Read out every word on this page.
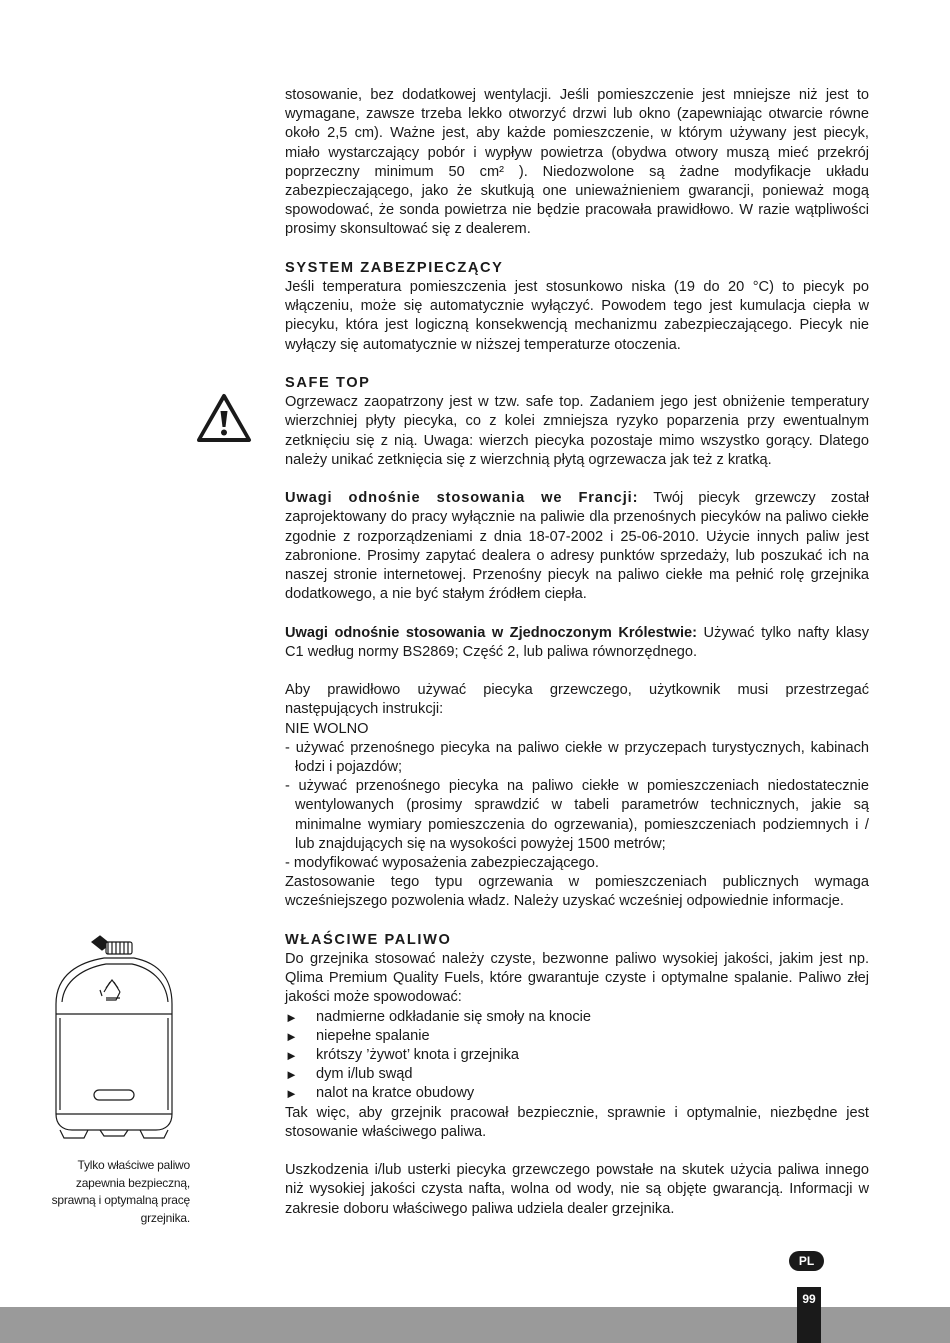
stosowanie, bez dodatkowej wentylacji. Jeśli pomieszczenie jest mniejsze niż jest to wymagane, zawsze trzeba lekko otworzyć drzwi lub okno (zapewniając otwarcie równe około 2,5 cm). Ważne jest, aby każde pomieszczenie, w którym używany jest piecyk, miało wystarczający pobór i wypływ powietrza (obydwa otwory muszą mieć przekrój poprzeczny minimum 50 cm² ). Niedozwolone są żadne modyfikacje układu zabezpieczającego, jako że skutkują one unieważnieniem gwarancji, ponieważ mogą spowodować, że sonda powietrza nie będzie pracowała prawidłowo. W razie wątpliwości prosimy skonsultować się z dealerem.

SYSTEM ZABEZPIECZĄCY

Jeśli temperatura pomieszczenia jest stosunkowo niska (19 do 20 °C) to piecyk po włączeniu, może się automatycznie wyłączyć. Powodem tego jest kumulacja ciepła w piecyku, która jest logiczną konsekwencją mechanizmu zabezpieczającego. Piecyk nie wyłączy się automatycznie w niższej temperaturze otoczenia.

SAFE TOP

Ogrzewacz zaopatrzony jest w tzw. safe top. Zadaniem jego jest obniżenie temperatury wierzchniej płyty piecyka, co z kolei zmniejsza ryzyko poparzenia przy ewentualnym zetknięciu się z nią. Uwaga: wierzch piecyka pozostaje mimo wszystko gorący. Dlatego należy unikać zetknięcia się z wierzchnią płytą ogrzewacza jak też z kratką.

Uwagi odnośnie stosowania we Francji: Twój piecyk grzewczy został zaprojektowany do pracy wyłącznie na paliwie dla przenośnych piecyków na paliwo ciekłe zgodnie z rozporządzeniami z dnia 18-07-2002 i 25-06-2010. Użycie innych paliw jest zabronione. Prosimy zapytać dealera o adresy punktów sprzedaży, lub poszukać ich na naszej stronie internetowej. Przenośny piecyk na paliwo ciekłe ma pełnić rolę grzejnika dodatkowego, a nie być stałym źródłem ciepła.

Uwagi odnośnie stosowania w Zjednoczonym Królestwie: Używać tylko nafty klasy C1 według normy BS2869; Część 2, lub paliwa równorzędnego.

Aby prawidłowo używać piecyka grzewczego, użytkownik musi przestrzegać następujących instrukcji:

NIE WOLNO

- używać przenośnego piecyka na paliwo ciekłe w przyczepach turystycznych, kabinach łodzi i pojazdów;

- używać przenośnego piecyka na paliwo ciekłe w pomieszczeniach niedostatecznie wentylowanych (prosimy sprawdzić w tabeli parametrów technicznych, jakie są minimalne wymiary pomieszczenia do ogrzewania), pomieszczeniach podziemnych i / lub znajdujących się na wysokości powyżej 1500 metrów;

- modyfikować wyposażenia zabezpieczającego.

Zastosowanie tego typu ogrzewania w pomieszczeniach publicznych wymaga wcześniejszego pozwolenia władz. Należy uzyskać wcześniej odpowiednie informacje.

WŁAŚCIWE PALIWO

Do grzejnika stosować należy czyste, bezwonne paliwo wysokiej jakości, jakim jest np. Qlima Premium Quality Fuels, które gwarantuje czyste i optymalne spalanie. Paliwo złej jakości może spowodować:

►	nadmierne odkładanie się smoły na knocie
►	niepełne spalanie
►	krótszy ’żywot’ knota i grzejnika
►	dym i/lub swąd
►	nalot na kratce obudowy

Tak więc, aby grzejnik pracował bezpiecznie, sprawnie i optymalnie, niezbędne jest stosowanie właściwego paliwa.

Uszkodzenia i/lub usterki piecyka grzewczego powstałe na skutek użycia paliwa innego niż wysokiej jakości czysta nafta, wolna od wody, nie są objęte gwarancją. Informacji w zakresie doboru właściwego paliwa udziela dealer grzejnika.

Tylko właściwe paliwo zapewnia bezpieczną, sprawną i optymalną pracę grzejnika.
PL
99
